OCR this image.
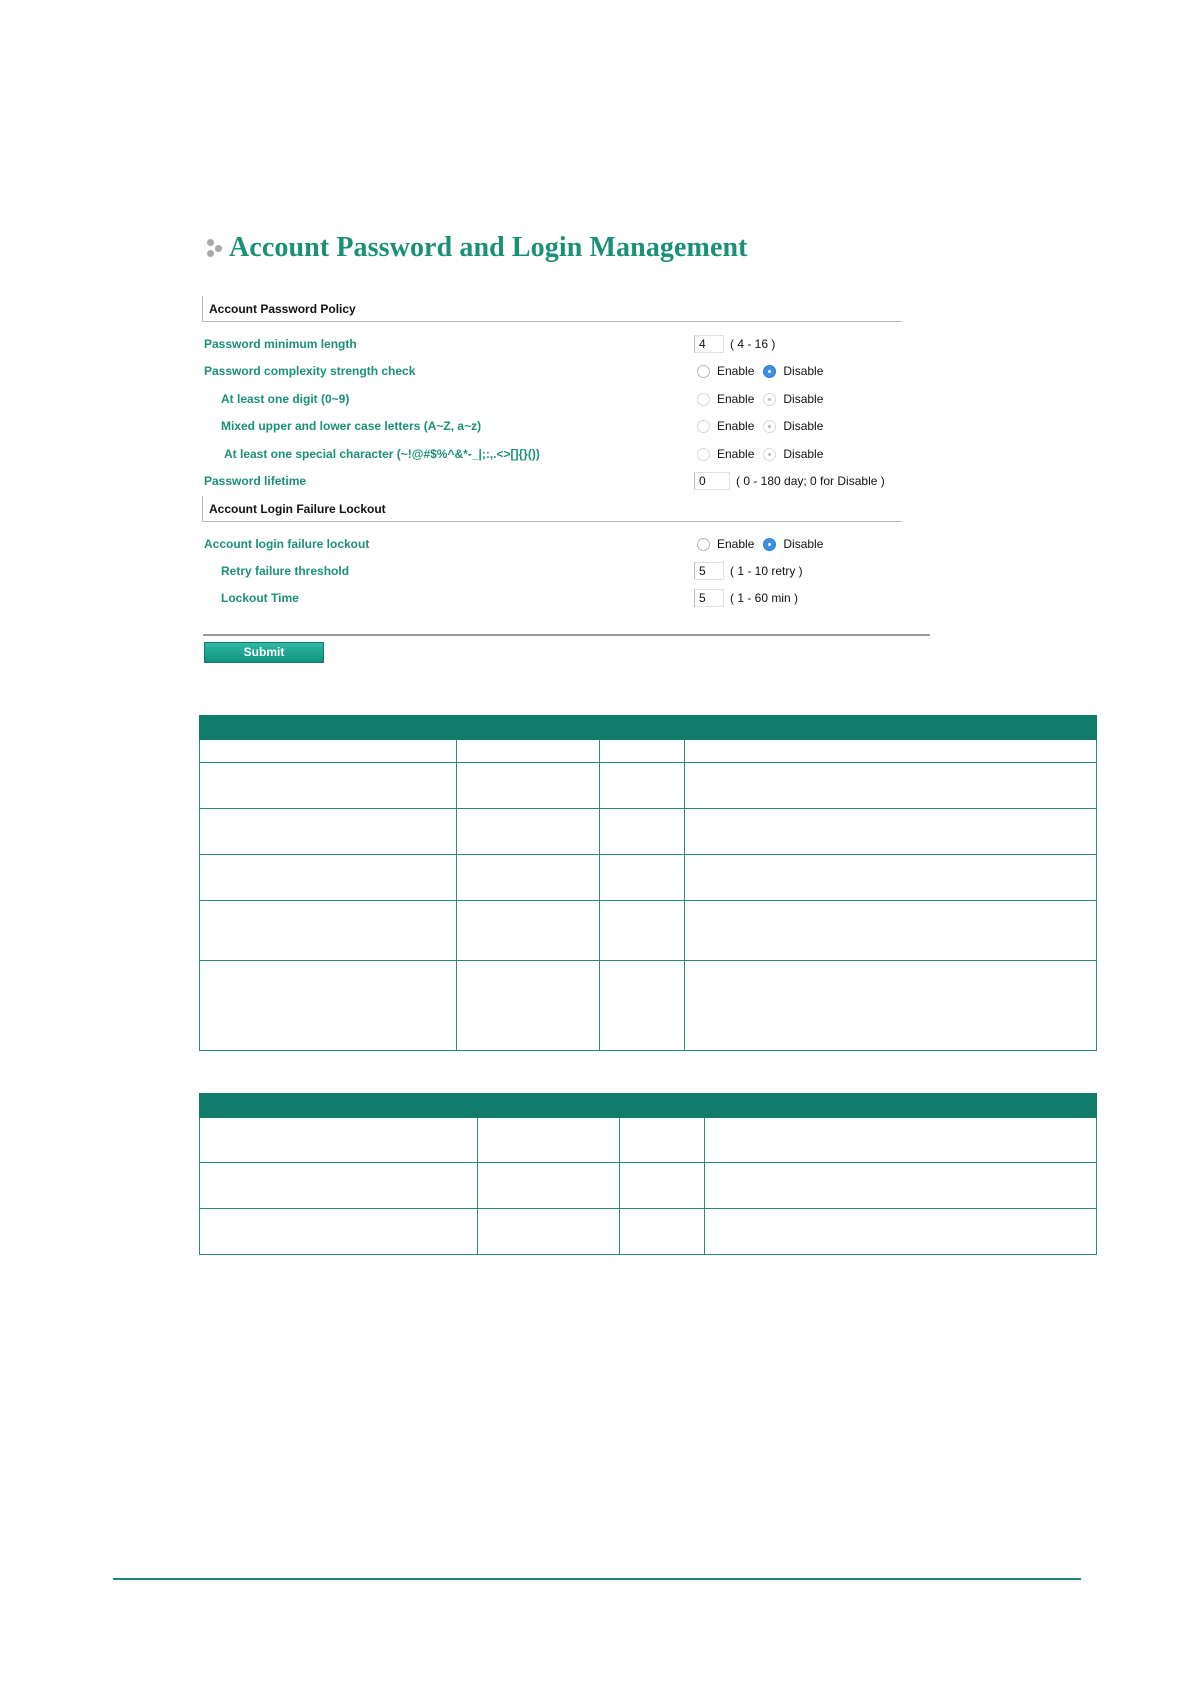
Account Password and Login Management
Account Password Policy
Password minimum length	4	( 4 - 16 )
Password complexity strength check	Enable Disable
At least one digit (0~9)	Enable Disable
Mixed upper and lower case letters (A~Z, a~z)	Enable Disable
At least one special character (~!@#$%^&*-_|;:,.<>[]{}())	Enable Disable
Password lifetime	0	( 0 - 180 day; 0 for Disable )
Account Login Failure Lockout
Account login failure lockout	Enable Disable
Retry failure threshold	5	( 1 - 10 retry )
Lockout Time	5	( 1 - 60 min )
Submit
